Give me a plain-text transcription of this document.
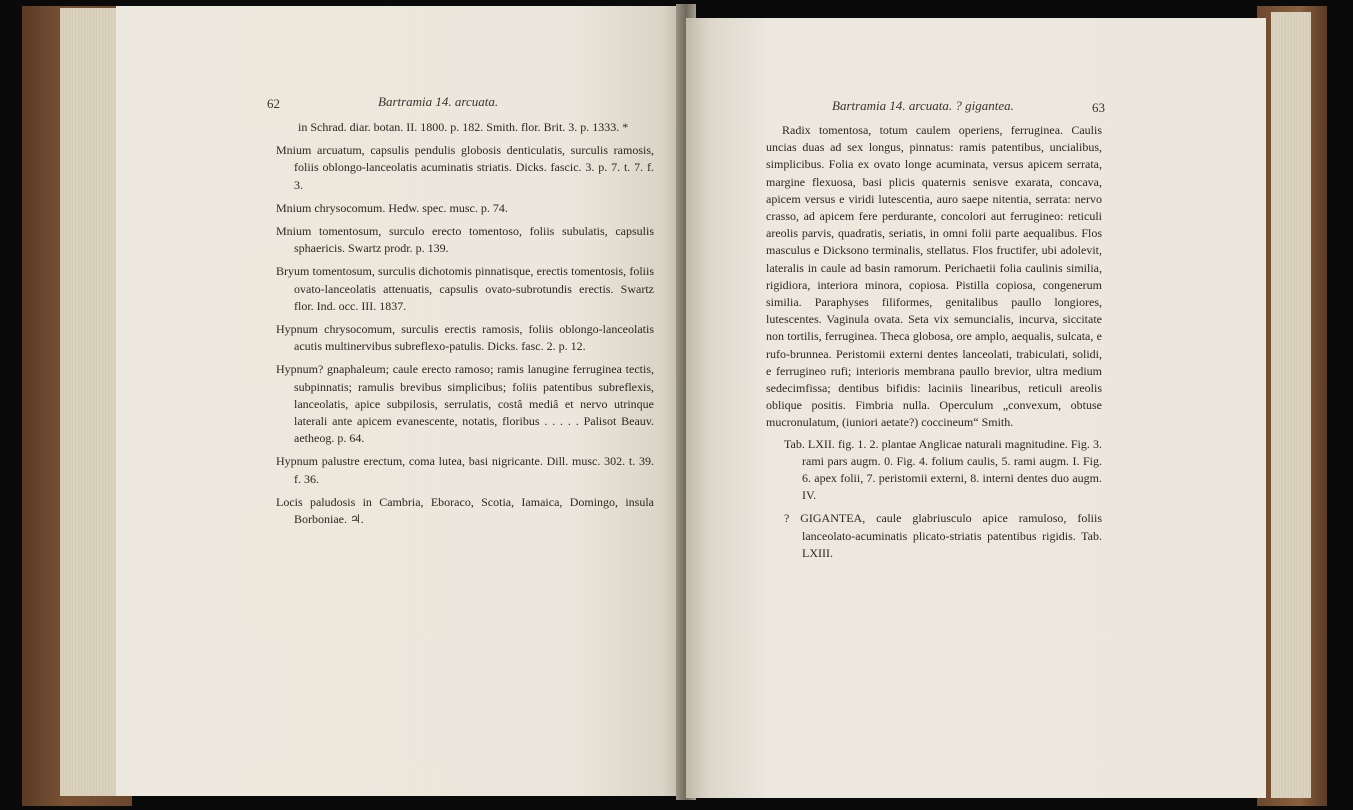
62	Bartramia 14. arcuata.

in Schrad. diar. botan. II. 1800. p. 182. Smith. flor. Brit. 3. p. 1333. *

Mnium arcuatum, capsulis pendulis globosis denticulatis, surculis ramosis, foliis oblongo-lanceolatis acuminatis striatis. Dicks. fascic. 3. p. 7. t. 7. f. 3.

Mnium chrysocomum. Hedw. spec. musc. p. 74.

Mnium tomentosum, surculo erecto tomentoso, foliis subulatis, capsulis sphaericis. Swartz prodr. p. 139.

Bryum tomentosum, surculis dichotomis pinnatisque, erectis tomentosis, foliis ovato-lanceolatis attenuatis, capsulis ovato-subrotundis erectis. Swartz flor. Ind. occ. III. 1837.

Hypnum chrysocomum, surculis erectis ramosis, foliis oblongo-lanceolatis acutis multinervibus subreflexo-patulis. Dicks. fasc. 2. p. 12.

Hypnum? gnaphaleum; caule erecto ramoso; ramis lanugine ferruginea tectis, subpinnatis; ramulis brevibus simplicibus; foliis patentibus subreflexis, lanceolatis, apice subpilosis, serrulatis, costâ mediâ et nervo utrinque laterali ante apicem evanescente, notatis, floribus . . . . . Palisot Beauv. aetheog. p. 64.

Hypnum palustre erectum, coma lutea, basi nigricante. Dill. musc. 302. t. 39. f. 36.

Locis paludosis in Cambria, Eboraco, Scotia, Iamaica, Domingo, insula Borboniae. ♃.

Bartramia 14. arcuata. ? gigantea.	63

Radix tomentosa, totum caulem operiens, ferruginea. Caulis uncias duas ad sex longus, pinnatus: ramis patentibus, uncialibus, simplicibus. Folia ex ovato longe acuminata, versus apicem serrata, margine flexuosa, basi plicis quaternis senisve exarata, concava, apicem versus e viridi lutescentia, auro saepe nitentia, serrata: nervo crasso, ad apicem fere perdurante, concolori aut ferrugineo: reticuli areolis parvis, quadratis, seriatis, in omni folii parte aequalibus. Flos masculus e Dicksono terminalis, stellatus. Flos fructifer, ubi adolevit, lateralis in caule ad basin ramorum. Perichaetii folia caulinis similia, rigidiora, interiora minora, copiosa. Pistilla copiosa, congenerum similia. Paraphyses filiformes, genitalibus paullo longiores, lutescentes. Vaginula ovata. Seta vix semuncialis, incurva, siccitate non tortilis, ferruginea. Theca globosa, ore amplo, aequalis, sulcata, e rufo-brunnea. Peristomii externi dentes lanceolati, trabiculati, solidi, e ferrugineo rufi; interioris membrana paullo brevior, ultra medium sedecimfissa; dentibus bifidis: laciniis linearibus, reticuli areolis oblique positis. Fimbria nulla. Operculum „convexum, obtuse mucronulatum, (iuniori aetate?) coccineum“ Smith.

Tab. LXII. fig. 1. 2. plantae Anglicae naturali magnitudine. Fig. 3. rami pars augm. 0. Fig. 4. folium caulis, 5. rami augm. I. Fig. 6. apex folii, 7. peristomii externi, 8. interni dentes duo augm. IV.

? GIGANTEA, caule glabriusculo apice ramuloso, foliis lanceolato-acuminatis plicato-striatis patentibus rigidis. Tab. LXIII.
